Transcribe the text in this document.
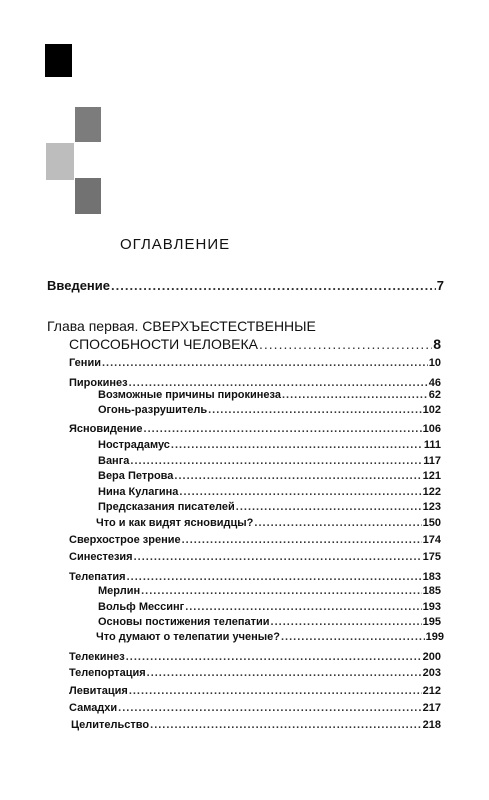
ОГЛАВЛЕНИЕ
Введение .....	7
Глава первая. СВЕРХЪЕСТЕСТВЕННЫЕ
СПОСОБНОСТИ ЧЕЛОВЕКА .....	8
Гении .....	10
Пирокинез .....	46
Возможные причины пирокинеза .....	62
Огонь-разрушитель .....	102
Ясновидение .....	106
Нострадамус .....	111
Ванга .....	117
Вера Петрова .....	121
Нина Кулагина .....	122
Предсказания писателей .....	123
Что и как видят ясновидцы? .....	150
Сверхострое зрение .....	174
Синестезия .....	175
Телепатия .....	183
Мерлин .....	185
Вольф Мессинг .....	193
Основы постижения телепатии .....	195
Что думают о телепатии ученые? .....	199
Телекинез .....	200
Телепортация .....	203
Левитация .....	212
Самадхи .....	217
Целительство .....	218
